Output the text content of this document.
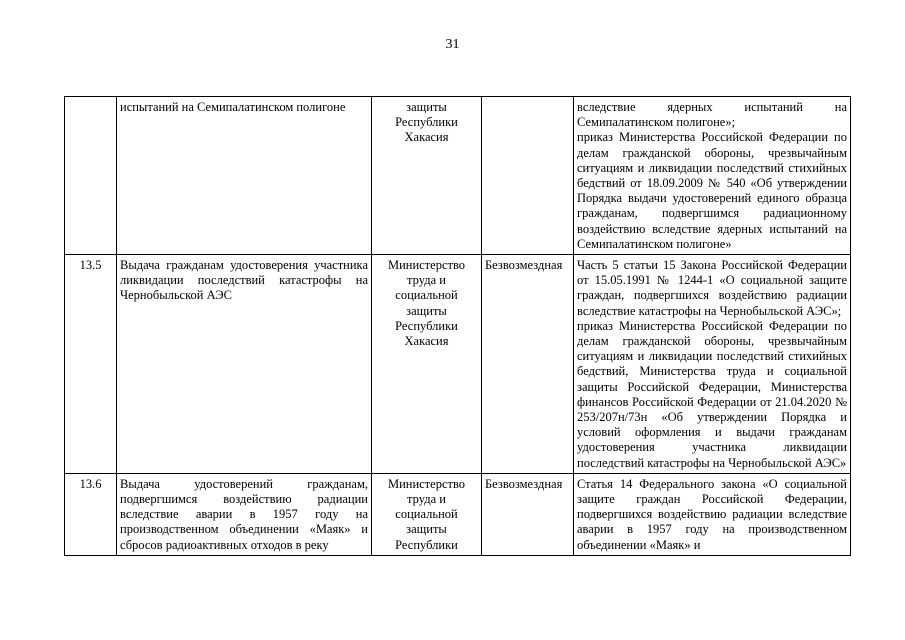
31
	испытаний на Семипалатинском полигоне	защиты Республики Хакасия		вследствие ядерных испытаний на Семипалатинском полигоне»;
приказ Министерства Российской Федерации по делам гражданской обороны, чрезвычайным ситуациям и ликвидации последствий стихийных бедствий от 18.09.2009 № 540 «Об утверждении Порядка выдачи удостоверений единого образца гражданам, подвергшимся радиационному воздействию вследствие ядерных испытаний на Семипалатинском полигоне»

13.5	Выдача гражданам удостоверения участника ликвидации последствий катастрофы на Чернобыльской АЭС	Министерство труда и социальной защиты Республики Хакасия	Безвозмездная	Часть 5 статьи 15 Закона Российской Федерации от 15.05.1991 № 1244-1 «О социальной защите граждан, подвергшихся воздействию радиации вследствие катастрофы на Чернобыльской АЭС»;
приказ Министерства Российской Федерации по делам гражданской обороны, чрезвычайным ситуациям и ликвидации последствий стихийных бедствий, Министерства труда и социальной защиты Российской Федерации, Министерства финансов Российской Федерации от 21.04.2020 № 253/207н/73н «Об утверждении Порядка и условий оформления и выдачи гражданам удостоверения участника ликвидации последствий катастрофы на Чернобыльской АЭС»

13.6	Выдача удостоверений гражданам, подвергшимся воздействию радиации вследствие аварии в 1957 году на производственном объединении «Маяк» и сбросов радиоактивных отходов в реку	Министерство труда и социальной защиты Республики	Безвозмездная	Статья 14 Федерального закона «О социальной защите граждан Российской Федерации, подвергшихся воздействию радиации вследствие аварии в 1957 году на производственном объединении «Маяк» и
